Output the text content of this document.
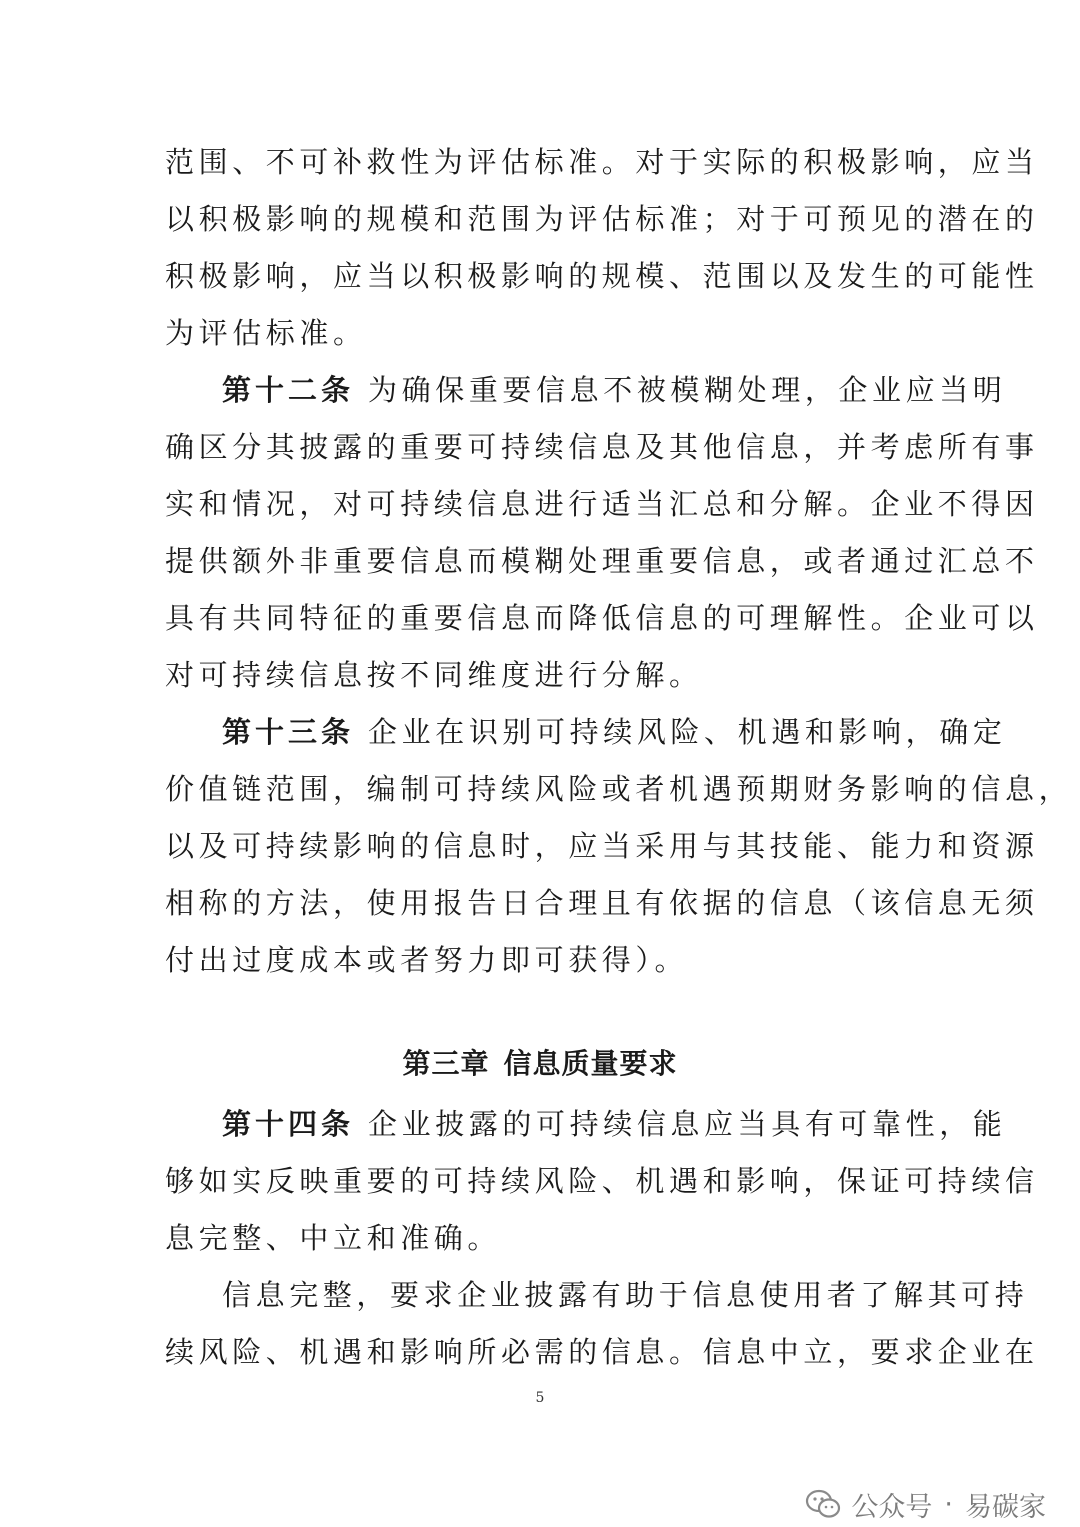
范围、不可补救性为评估标准。对于实际的积极影响，应当
以积极影响的规模和范围为评估标准；对于可预见的潜在的
积极影响，应当以积极影响的规模、范围以及发生的可能性
为评估标准。
第十二条 为确保重要信息不被模糊处理，企业应当明
确区分其披露的重要可持续信息及其他信息，并考虑所有事
实和情况，对可持续信息进行适当汇总和分解。企业不得因
提供额外非重要信息而模糊处理重要信息，或者通过汇总不
具有共同特征的重要信息而降低信息的可理解性。企业可以
对可持续信息按不同维度进行分解。
第十三条 企业在识别可持续风险、机遇和影响，确定
价值链范围，编制可持续风险或者机遇预期财务影响的信息，
以及可持续影响的信息时，应当采用与其技能、能力和资源
相称的方法，使用报告日合理且有依据的信息（该信息无须
付出过度成本或者努力即可获得）。
第三章 信息质量要求
第十四条 企业披露的可持续信息应当具有可靠性，能
够如实反映重要的可持续风险、机遇和影响，保证可持续信
息完整、中立和准确。
信息完整，要求企业披露有助于信息使用者了解其可持
续风险、机遇和影响所必需的信息。信息中立，要求企业在
5
公众号 · 易碳家
